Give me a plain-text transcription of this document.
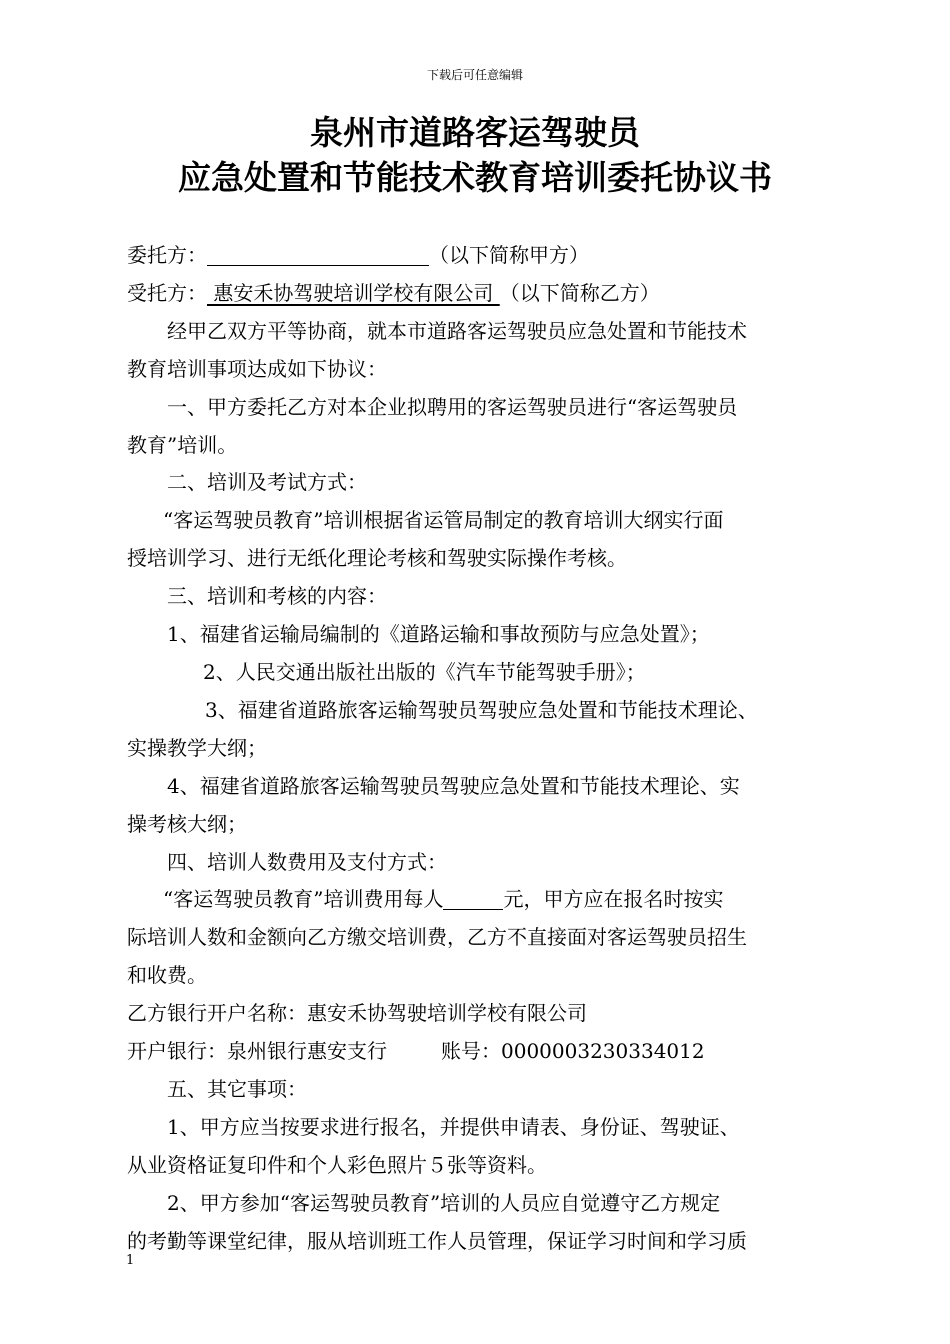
下载后可任意编辑
泉州市道路客运驾驶员
应急处置和节能技术教育培训委托协议书
委托方：	（以下简称甲方）
受托方： 惠安禾协驾驶培训学校有限公司 （以下简称乙方）
经甲乙双方平等协商，就本市道路客运驾驶员应急处置和节能技术
教育培训事项达成如下协议：
一、甲方委托乙方对本企业拟聘用的客运驾驶员进行“客运驾驶员
教育”培训。
二、培训及考试方式：
“客运驾驶员教育”培训根据省运管局制定的教育培训大纲实行面
授培训学习、进行无纸化理论考核和驾驶实际操作考核。
三、培训和考核的内容：
1、福建省运输局编制的《道路运输和事故预防与应急处置》；
2、人民交通出版社出版的《汽车节能驾驶手册》；
3、福建省道路旅客运输驾驶员驾驶应急处置和节能技术理论、
实操教学大纲；
4、福建省道路旅客运输驾驶员驾驶应急处置和节能技术理论、实
操考核大纲；
四、培训人数费用及支付方式：
“客运驾驶员教育”培训费用每人	元，甲方应在报名时按实
际培训人数和金额向乙方缴交培训费，乙方不直接面对客运驾驶员招生
和收费。
乙方银行开户名称：惠安禾协驾驶培训学校有限公司
开户银行：泉州银行惠安支行	账号：0000003230334012
五、其它事项：
1、甲方应当按要求进行报名，并提供申请表、身份证、驾驶证、
从业资格证复印件和个人彩色照片５张等资料。
2、甲方参加“客运驾驶员教育”培训的人员应自觉遵守乙方规定
的考勤等课堂纪律，服从培训班工作人员管理，保证学习时间和学习质
1
